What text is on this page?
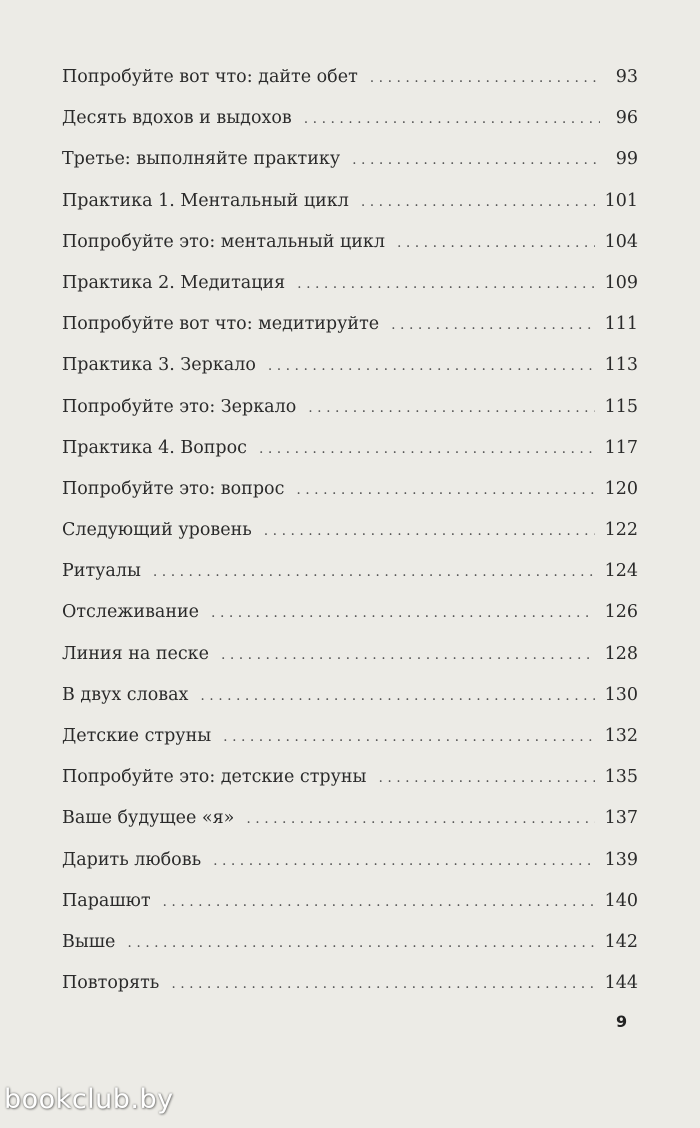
Попробуйте вот что: дайте обет . . .	93
Десять вдохов и выдохов . . .	96
Третье: выполняйте практику . . .	99
Практика 1. Ментальный цикл . . .	101
Попробуйте это: ментальный цикл . . .	104
Практика 2. Медитация . . .	109
Попробуйте вот что: медитируйте . . .	111
Практика 3. Зеркало . . .	113
Попробуйте это: Зеркало . . .	115
Практика 4. Вопрос . . .	117
Попробуйте это: вопрос . . .	120
Следующий уровень . . .	122
Ритуалы . . .	124
Отслеживание . . .	126
Линия на песке . . .	128
В двух словах . . .	130
Детские струны . . .	132
Попробуйте это: детские струны . . .	135
Ваше будущее «я» . . .	137
Дарить любовь . . .	139
Парашют . . .	140
Выше . . .	142
Повторять . . .	144
9
bookclub.by
